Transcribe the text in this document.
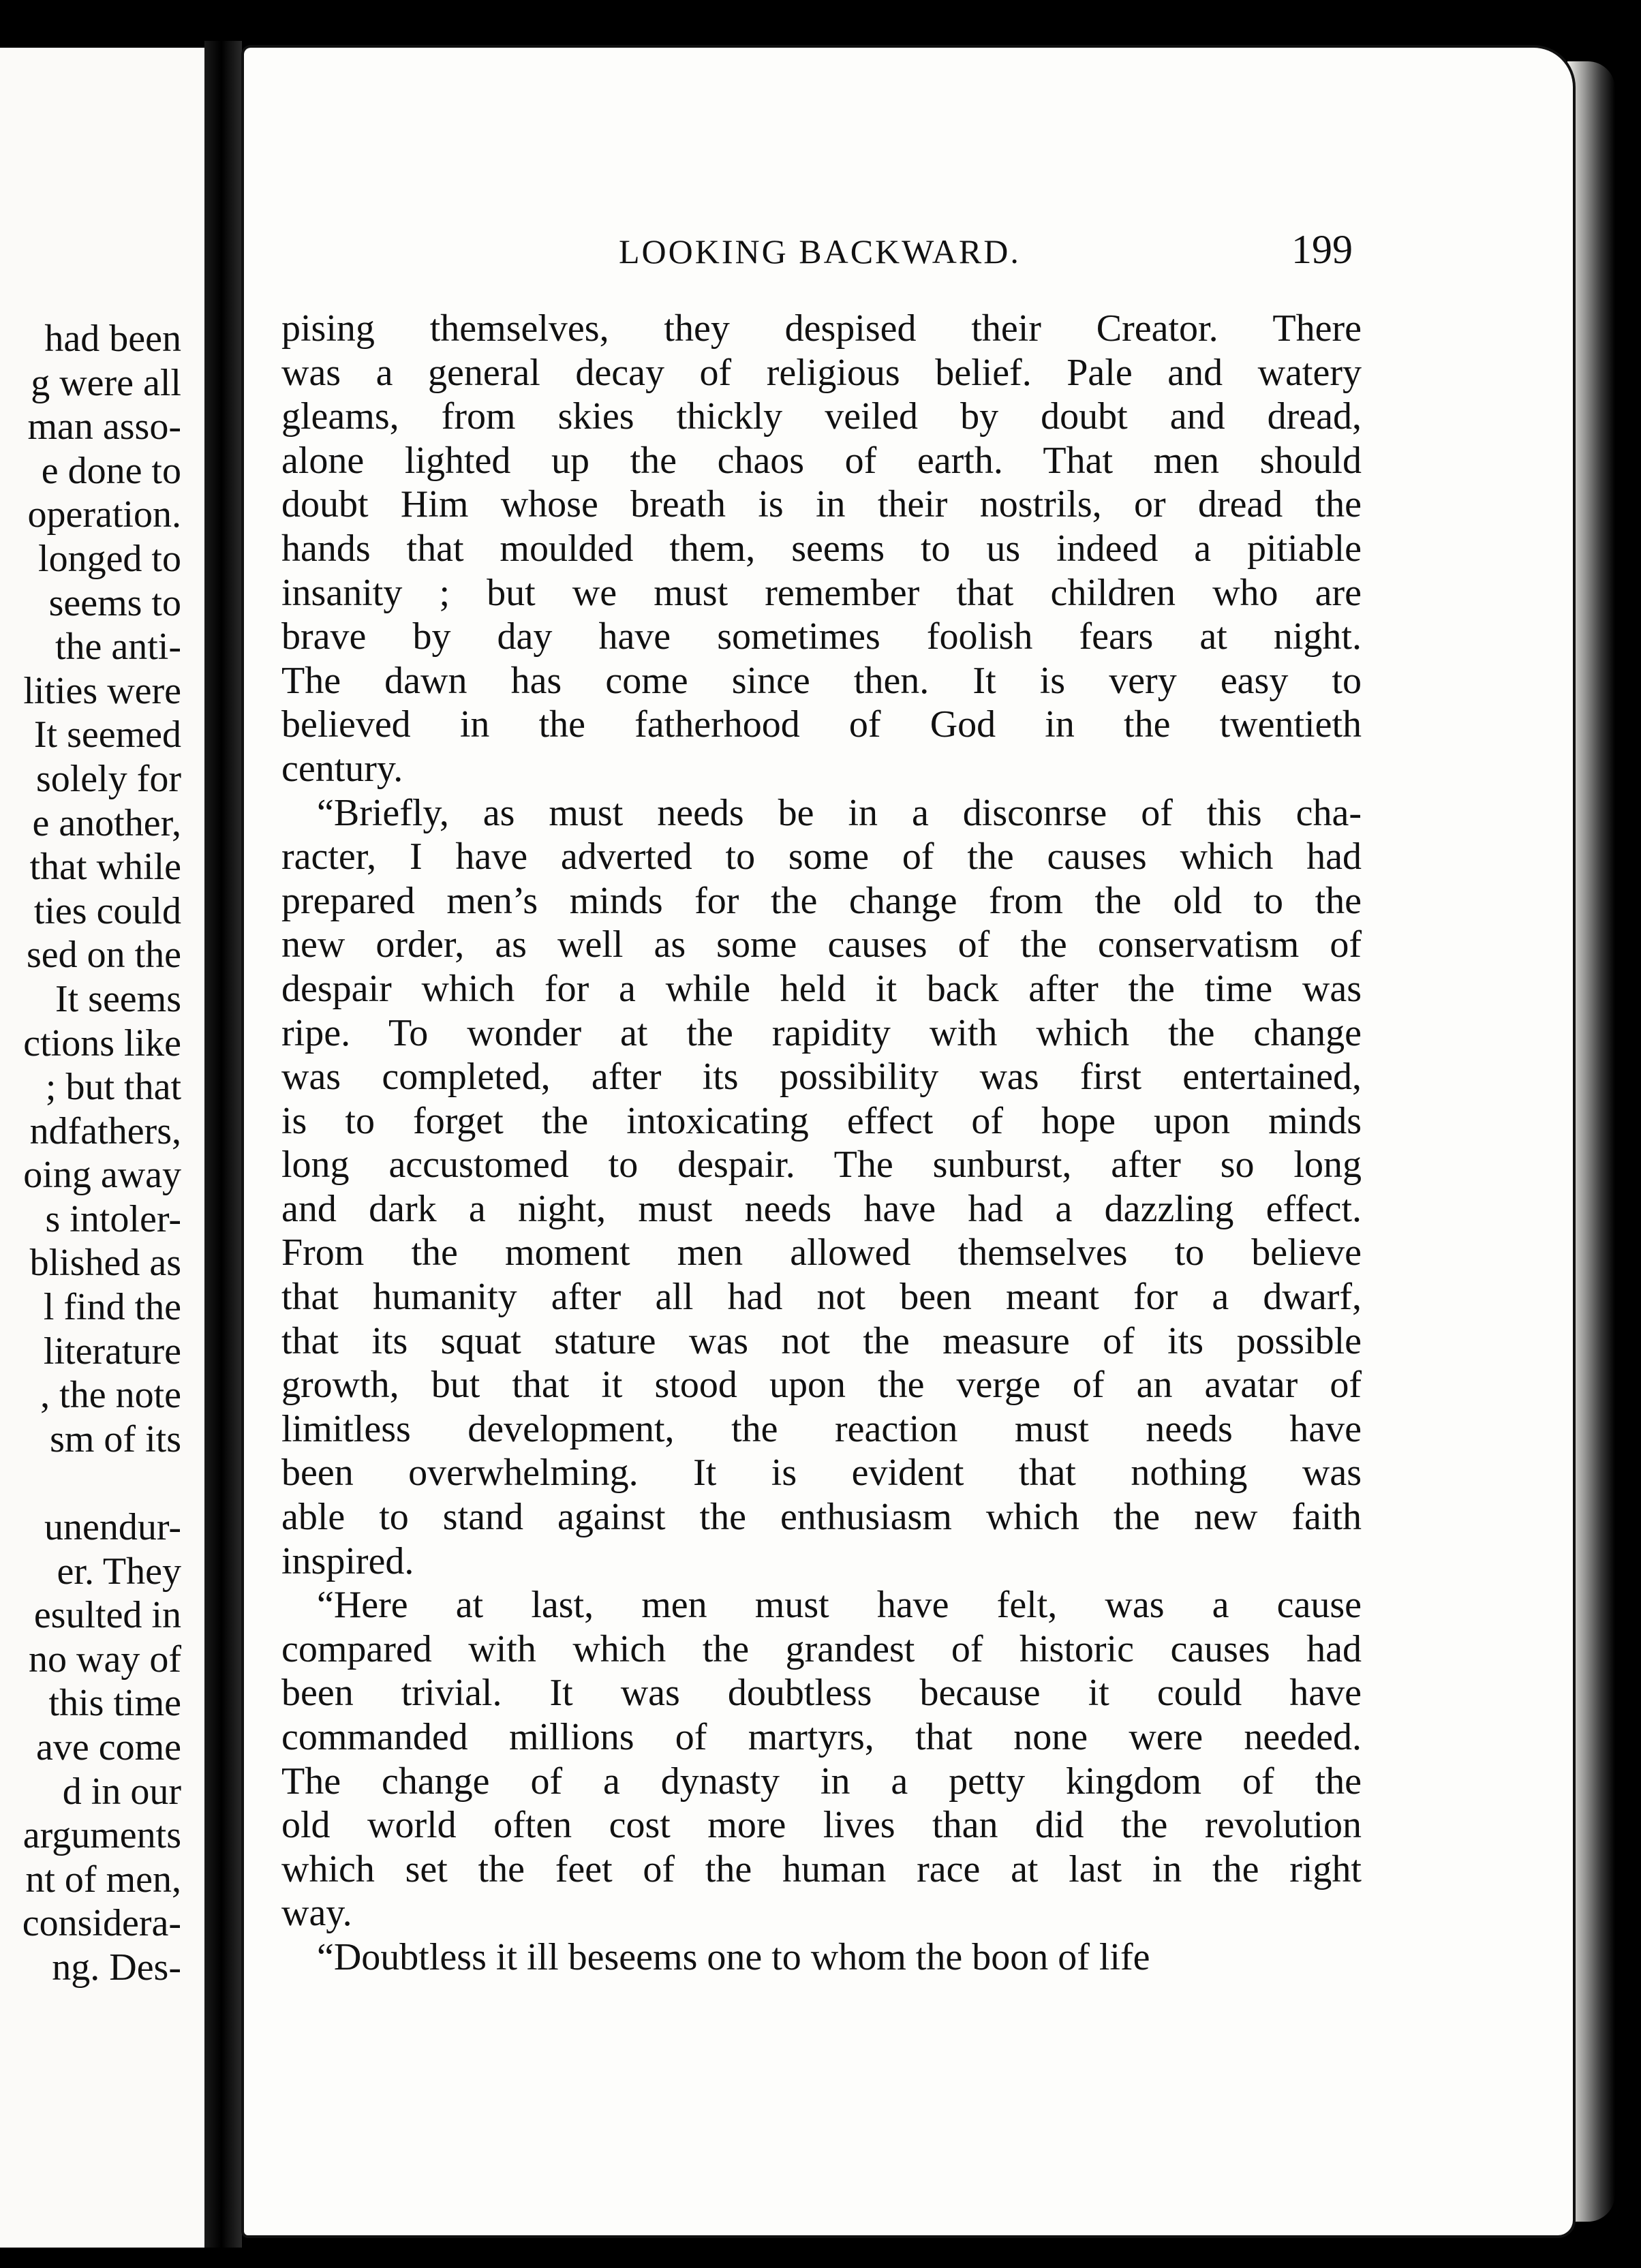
had been
g were all
man asso-
e done to
operation.
longed to
seems to
the anti-
lities were
It seemed
solely for
e another,
that while
ties could
sed on the
It seems
ctions like
; but that
ndfathers,
oing away
s intoler-
blished as
l find the
literature
, the note
sm of its
unendur-
er. They
esulted in
no way of
this time
ave come
d in our
arguments
nt of men,
considera-
ng. Des-
LOOKING BACKWARD.	199
pising themselves, they despised their Creator. There
was a general decay of religious belief. Pale and watery
gleams, from skies thickly veiled by doubt and dread,
alone lighted up the chaos of earth. That men should
doubt Him whose breath is in their nostrils, or dread the
hands that moulded them, seems to us indeed a pitiable
insanity ; but we must remember that children who are
brave by day have sometimes foolish fears at night.
The dawn has come since then. It is very easy to
believed in the fatherhood of God in the twentieth
century.
“Briefly, as must needs be in a disconrse of this cha-
racter, I have adverted to some of the causes which had
prepared men’s minds for the change from the old to the
new order, as well as some causes of the conservatism of
despair which for a while held it back after the time was
ripe. To wonder at the rapidity with which the change
was completed, after its possibility was first entertained,
is to forget the intoxicating effect of hope upon minds
long accustomed to despair. The sunburst, after so long
and dark a night, must needs have had a dazzling effect.
From the moment men allowed themselves to believe
that humanity after all had not been meant for a dwarf,
that its squat stature was not the measure of its possible
growth, but that it stood upon the verge of an avatar of
limitless development, the reaction must needs have
been overwhelming. It is evident that nothing was
able to stand against the enthusiasm which the new faith
inspired.
“Here at last, men must have felt, was a cause
compared with which the grandest of historic causes had
been trivial. It was doubtless because it could have
commanded millions of martyrs, that none were needed.
The change of a dynasty in a petty kingdom of the
old world often cost more lives than did the revolution
which set the feet of the human race at last in the right
way.
“Doubtless it ill beseems one to whom the boon of life
